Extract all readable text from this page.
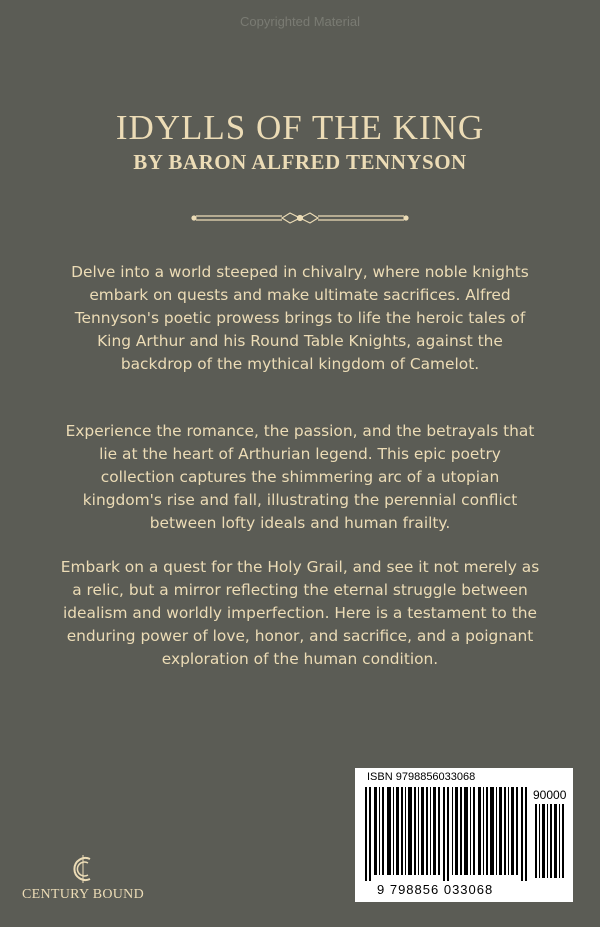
Copyrighted Material
IDYLLS OF THE KING
BY BARON ALFRED TENNYSON

Delve into a world steeped in chivalry, where noble knights embark on quests and make ultimate sacrifices. Alfred Tennyson's poetic prowess brings to life the heroic tales of King Arthur and his Round Table Knights, against the backdrop of the mythical kingdom of Camelot.

Experience the romance, the passion, and the betrayals that lie at the heart of Arthurian legend. This epic poetry collection captures the shimmering arc of a utopian kingdom's rise and fall, illustrating the perennial conflict between lofty ideals and human frailty.

Embark on a quest for the Holy Grail, and see it not merely as a relic, but a mirror reflecting the eternal struggle between idealism and worldly imperfection. Here is a testament to the enduring power of love, honor, and sacrifice, and a poignant exploration of the human condition.

CENTURY BOUND
ISBN 9798856033068
90000
9 798856 033068
